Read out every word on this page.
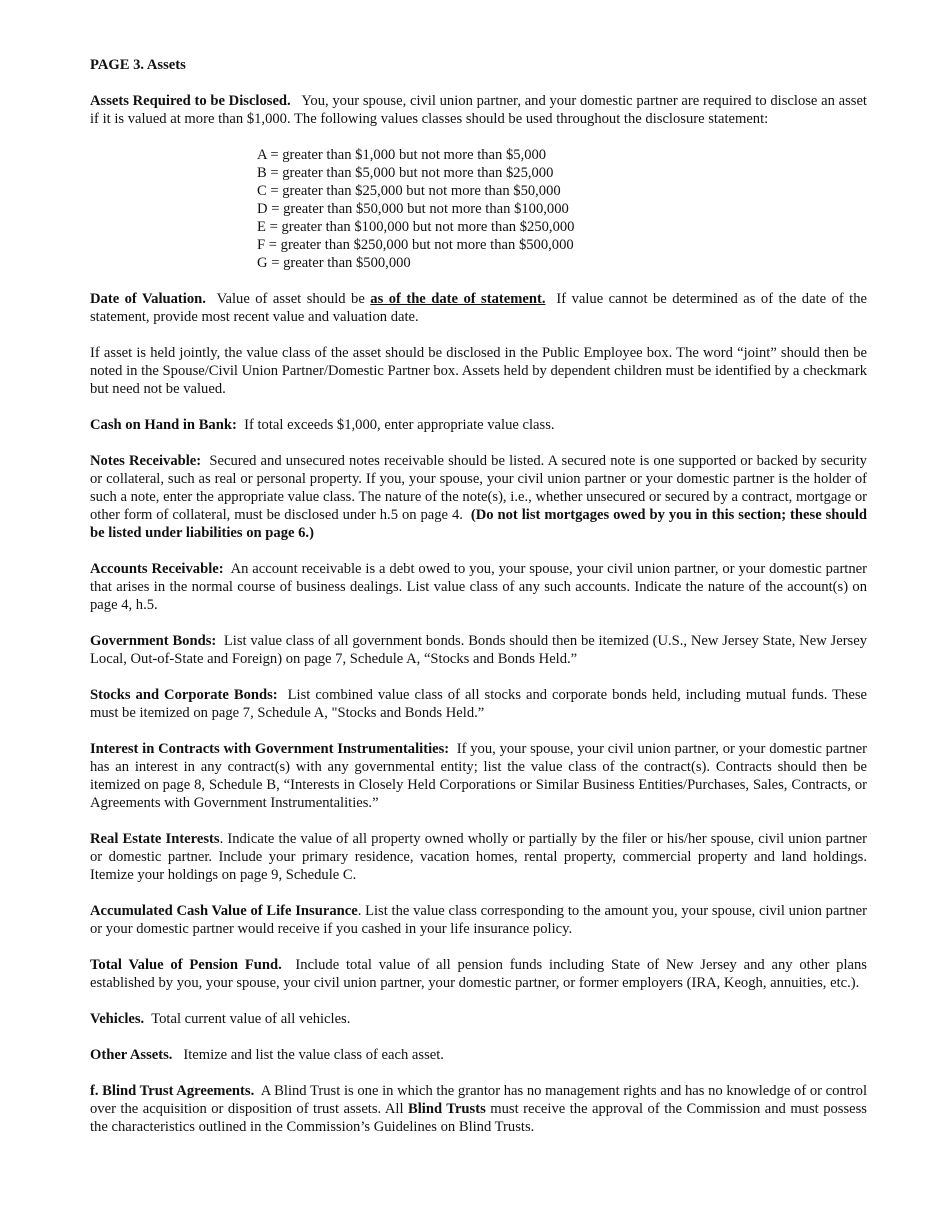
PAGE 3. Assets

Assets Required to be Disclosed. You, your spouse, civil union partner, and your domestic partner are required to disclose an asset if it is valued at more than $1,000. The following values classes should be used throughout the disclosure statement:

A = greater than $1,000 but not more than $5,000
B = greater than $5,000 but not more than $25,000
C = greater than $25,000 but not more than $50,000
D = greater than $50,000 but not more than $100,000
E = greater than $100,000 but not more than $250,000
F = greater than $250,000 but not more than $500,000
G = greater than $500,000

Date of Valuation. Value of asset should be as of the date of statement. If value cannot be determined as of the date of the statement, provide most recent value and valuation date.

If asset is held jointly, the value class of the asset should be disclosed in the Public Employee box. The word “joint” should then be noted in the Spouse/Civil Union Partner/Domestic Partner box. Assets held by dependent children must be identified by a checkmark but need not be valued.

Cash on Hand in Bank: If total exceeds $1,000, enter appropriate value class.

Notes Receivable: Secured and unsecured notes receivable should be listed. A secured note is one supported or backed by security or collateral, such as real or personal property. If you, your spouse, your civil union partner or your domestic partner is the holder of such a note, enter the appropriate value class. The nature of the note(s), i.e., whether unsecured or secured by a contract, mortgage or other form of collateral, must be disclosed under h.5 on page 4. (Do not list mortgages owed by you in this section; these should be listed under liabilities on page 6.)

Accounts Receivable: An account receivable is a debt owed to you, your spouse, your civil union partner, or your domestic partner that arises in the normal course of business dealings. List value class of any such accounts. Indicate the nature of the account(s) on page 4, h.5.

Government Bonds: List value class of all government bonds. Bonds should then be itemized (U.S., New Jersey State, New Jersey Local, Out-of-State and Foreign) on page 7, Schedule A, “Stocks and Bonds Held.”

Stocks and Corporate Bonds: List combined value class of all stocks and corporate bonds held, including mutual funds. These must be itemized on page 7, Schedule A, "Stocks and Bonds Held.”

Interest in Contracts with Government Instrumentalities: If you, your spouse, your civil union partner, or your domestic partner has an interest in any contract(s) with any governmental entity; list the value class of the contract(s). Contracts should then be itemized on page 8, Schedule B, “Interests in Closely Held Corporations or Similar Business Entities/Purchases, Sales, Contracts, or Agreements with Government Instrumentalities.”

Real Estate Interests. Indicate the value of all property owned wholly or partially by the filer or his/her spouse, civil union partner or domestic partner. Include your primary residence, vacation homes, rental property, commercial property and land holdings. Itemize your holdings on page 9, Schedule C.

Accumulated Cash Value of Life Insurance. List the value class corresponding to the amount you, your spouse, civil union partner or your domestic partner would receive if you cashed in your life insurance policy.

Total Value of Pension Fund. Include total value of all pension funds including State of New Jersey and any other plans established by you, your spouse, your civil union partner, your domestic partner, or former employers (IRA, Keogh, annuities, etc.).

Vehicles. Total current value of all vehicles.

Other Assets. Itemize and list the value class of each asset.

f. Blind Trust Agreements. A Blind Trust is one in which the grantor has no management rights and has no knowledge of or control over the acquisition or disposition of trust assets. All Blind Trusts must receive the approval of the Commission and must possess the characteristics outlined in the Commission’s Guidelines on Blind Trusts.
